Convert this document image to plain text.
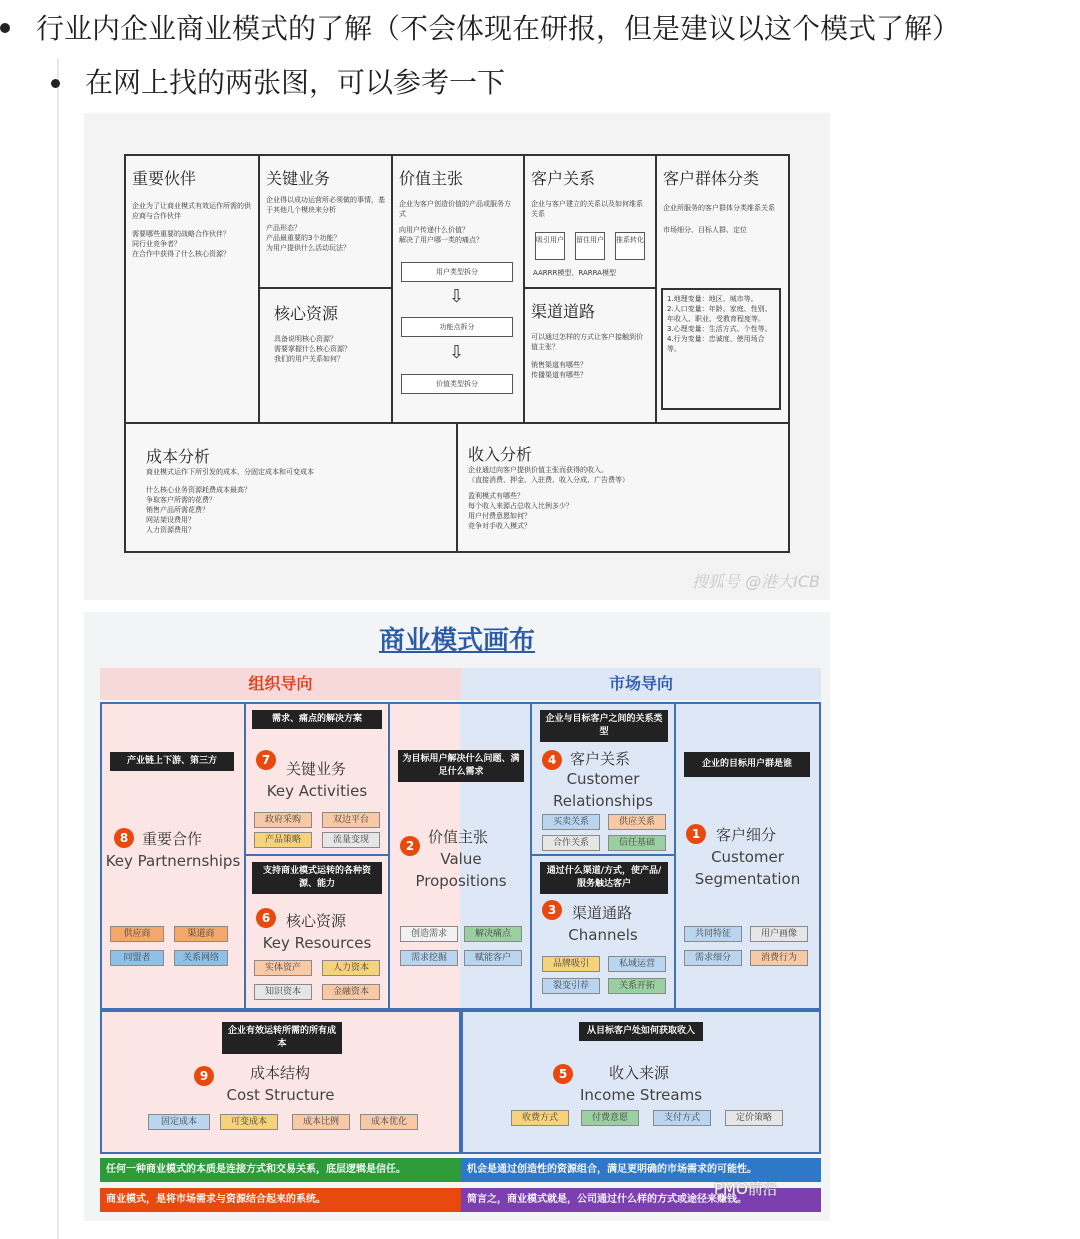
行业内企业商业模式的了解（不会体现在研报，但是建议以这个模式了解）
在网上找的两张图，可以参考一下
重要伙伴
企业为了让商业模式有效运作所需的供应商与合作伙伴
需要哪些重要的战略合作伙伴？
同行业竞争者？
在合作中获得了什么核心资源？
关键业务
企业得以成功运营所必须做的事情，基于其他几个模块来分析
产品形态？
产品最重要的3个功能？
为用户提供什么活动玩法？
核心资源
具备说明核心资源？
需要掌握什么核心资源？
我们的用户关系如何？
价值主张
企业为客户创造价值的产品或服务方式
向用户传递什么价值？
解决了用户哪一类的痛点？
用户类型拆分
⇩
功能点拆分
⇩
价值类型拆分
客户关系
企业与客户建立的关系以及如何维系关系
吸引用户 留住用户 推系转化
AARRR模型、RARRA模型
渠道道路
可以通过怎样的方式让客户接触到价值主张？
销售渠道有哪些？
传播渠道有哪些？
客户群体分类
企业所服务的客户群体分类维系关系
市场细分、目标人群、定位
1.地理变量：地区、城市等。
2.人口变量：年龄、家庭、性别、年收入、职业、受教育程度等。
3.心理变量：生活方式、个性等。
4.行为变量：忠诚度、使用场合等。
成本分析
商业模式运作下所引发的成本，分固定成本和可变成本
什么核心业务资源耗费成本最高？
争取客户所需的花费？
销售产品所需花费？
网站架设费用？
人力资源费用？
收入分析
企业通过向客户提供价值主张而获得的收入。
（直接消费、押金、入驻费、收入分成、广告费等）
盈利模式有哪些？
每个收入来源占总收入比例多少？
用户付费意愿如何？
竞争对手收入模式？
搜狐号 @港大ICB
商业模式画布
组织导向	市场导向
产业链上下游、第三方
8 重要合作
Key Partnernships
供应商	渠道商
同盟者	关系网络
需求、痛点的解决方案
7	关键业务
Key Activities
政府采购	双边平台
产品策略	流量变现
支持商业模式运转的各种资源、能力
6	核心资源
Key Resources
实体资产	人力资本
知识资本	金融资本
为目标用户解决什么问题、满足什么需求
2 价值主张
Value
Propositions
创造需求	解决痛点
需求挖掘	赋能客户
企业与目标客户之间的关系类型
4 客户关系
Customer
Relationships
买卖关系	供应关系
合作关系	信任基础
通过什么渠道/方式，使产品/服务触达客户
3	渠道通路
Channels
品牌吸引	私域运营
裂变引荐	关系开拓
企业的目标用户群是谁
1	客户细分
Customer
Segmentation
共同特征	用户画像
需求细分	消费行为
企业有效运转所需的所有成本
9	成本结构
Cost Structure
固定成本	可变成本	成本比例	成本优化
从目标客户处如何获取收入
5	收入来源
Income Streams
收费方式	付费意愿	支付方式	定价策略
任何一种商业模式的本质是连接方式和交易关系，底层逻辑是信任。	机会是通过创造性的资源组合，满足更明确的市场需求的可能性。
商业模式，是将市场需求与资源结合起来的系统。	简言之，商业模式就是，公司通过什么样的方式或途径来赚钱。
PMO前沿
